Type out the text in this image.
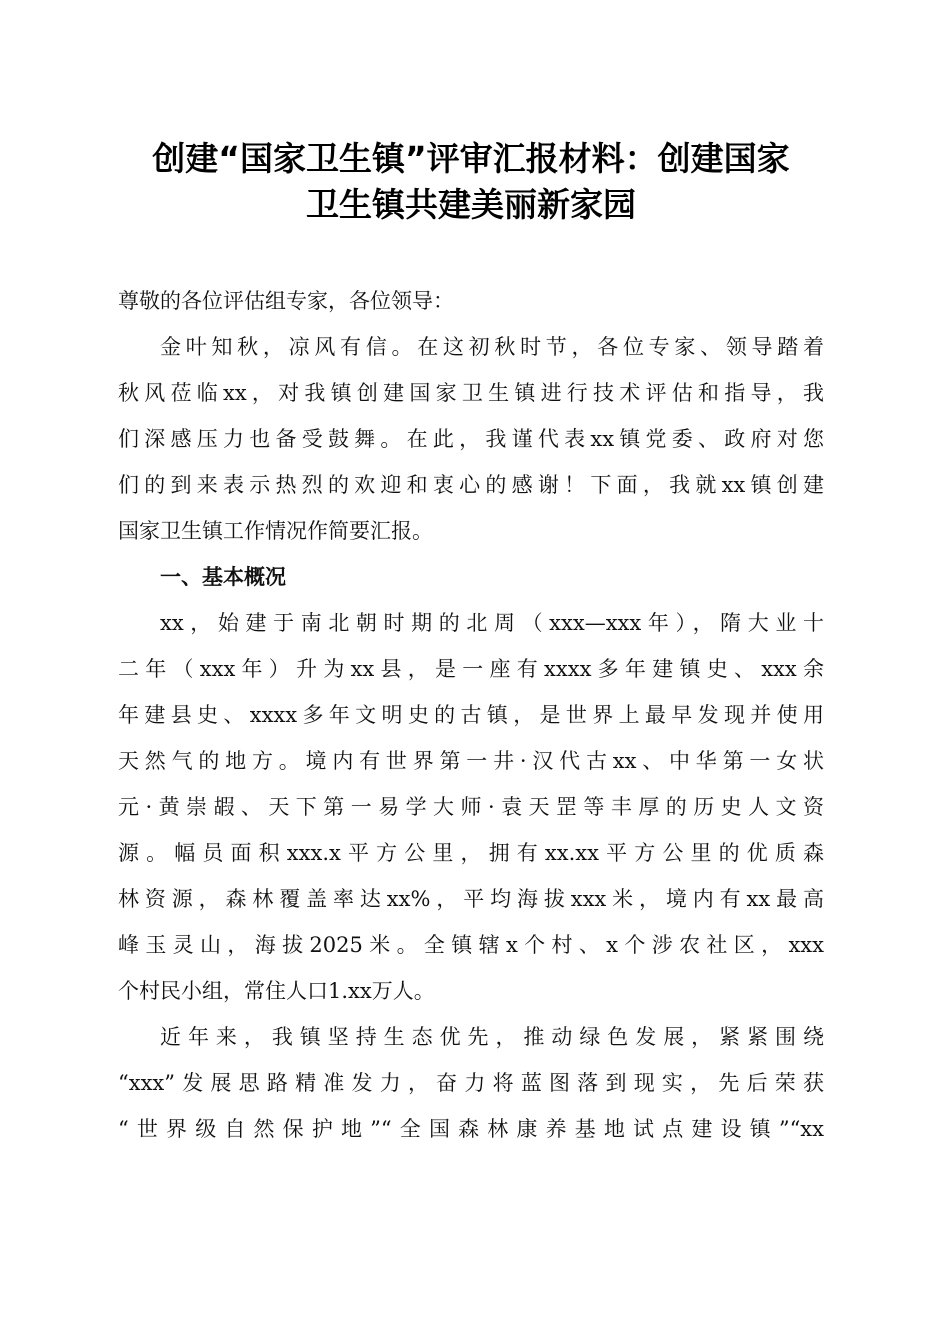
创建“国家卫生镇”评审汇报材料：创建国家
卫生镇共建美丽新家园
尊敬的各位评估组专家，各位领导：
金叶知秋，凉风有信。在这初秋时节，各位专家、领导踏着
秋风莅临xx，对我镇创建国家卫生镇进行技术评估和指导，我
们深感压力也备受鼓舞。在此，我谨代表xx镇党委、政府对您
们的到来表示热烈的欢迎和衷心的感谢！下面，我就xx镇创建
国家卫生镇工作情况作简要汇报。
一、基本概况
xx，始建于南北朝时期的北周（xxx—xxx年），隋大业十
二年（xxx年）升为xx县，是一座有xxxx多年建镇史、xxx余
年建县史、xxxx多年文明史的古镇，是世界上最早发现并使用
天然气的地方。境内有世界第一井·汉代古xx、中华第一女状
元·黄崇嘏、天下第一易学大师·袁天罡等丰厚的历史人文资
源。幅员面积xxx.x平方公里，拥有xx.xx平方公里的优质森
林资源，森林覆盖率达xx%，平均海拔xxx米，境内有xx最高
峰玉灵山，海拔2025米。全镇辖x个村、x个涉农社区，xxx
个村民小组，常住人口1.xx万人。
近年来，我镇坚持生态优先，推动绿色发展，紧紧围绕
“xxx”发展思路精准发力，奋力将蓝图落到现实，先后荣获
“世界级自然保护地”“全国森林康养基地试点建设镇”“xx
